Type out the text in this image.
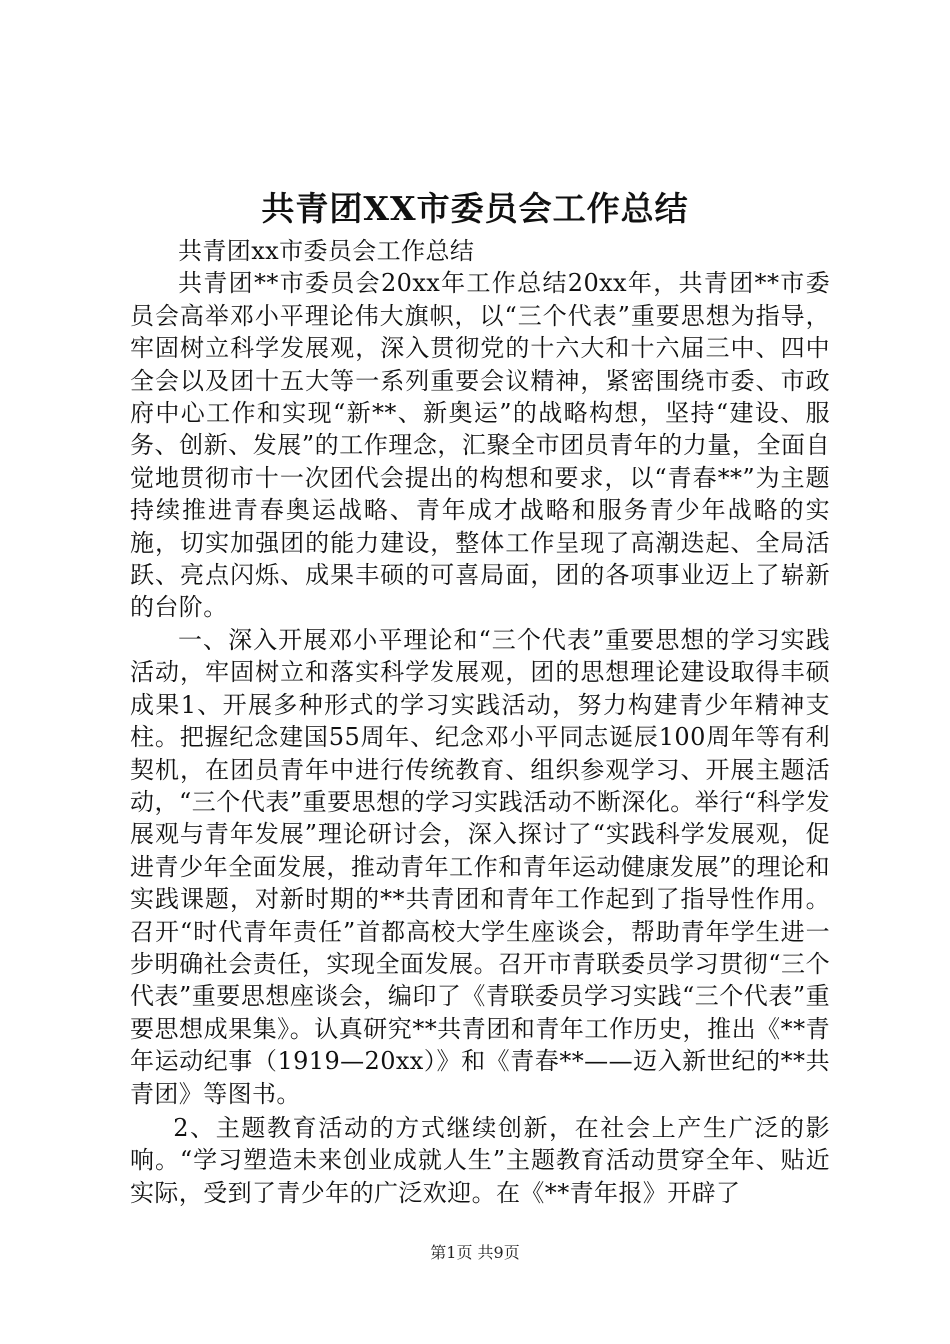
共青团XX市委员会工作总结

共青团xx市委员会工作总结

共青团**市委员会20xx年工作总结20xx年，共青团**市委员会高举邓小平理论伟大旗帜，以“三个代表”重要思想为指导，牢固树立科学发展观，深入贯彻党的十六大和十六届三中、四中全会以及团十五大等一系列重要会议精神，紧密围绕市委、市政府中心工作和实现“新**、新奥运”的战略构想，坚持“建设、服务、创新、发展”的工作理念，汇聚全市团员青年的力量，全面自觉地贯彻市十一次团代会提出的构想和要求，以“青春**”为主题持续推进青春奥运战略、青年成才战略和服务青少年战略的实施，切实加强团的能力建设，整体工作呈现了高潮迭起、全局活跃、亮点闪烁、成果丰硕的可喜局面，团的各项事业迈上了崭新的台阶。

一、深入开展邓小平理论和“三个代表”重要思想的学习实践活动，牢固树立和落实科学发展观，团的思想理论建设取得丰硕成果1、开展多种形式的学习实践活动，努力构建青少年精神支柱。把握纪念建国55周年、纪念邓小平同志诞辰100周年等有利契机，在团员青年中进行传统教育、组织参观学习、开展主题活动，“三个代表”重要思想的学习实践活动不断深化。举行“科学发展观与青年发展”理论研讨会，深入探讨了“实践科学发展观，促进青少年全面发展，推动青年工作和青年运动健康发展”的理论和实践课题，对新时期的**共青团和青年工作起到了指导性作用。召开“时代青年责任”首都高校大学生座谈会，帮助青年学生进一步明确社会责任，实现全面发展。召开市青联委员学习贯彻“三个代表”重要思想座谈会，编印了《青联委员学习实践“三个代表”重要思想成果集》。认真研究**共青团和青年工作历史，推出《**青年运动纪事（1919—20xx）》和《青春**——迈入新世纪的**共青团》等图书。

2、主题教育活动的方式继续创新，在社会上产生广泛的影响。“学习塑造未来创业成就人生”主题教育活动贯穿全年、贴近实际，受到了青少年的广泛欢迎。在《**青年报》开辟了

第1页 共9页
